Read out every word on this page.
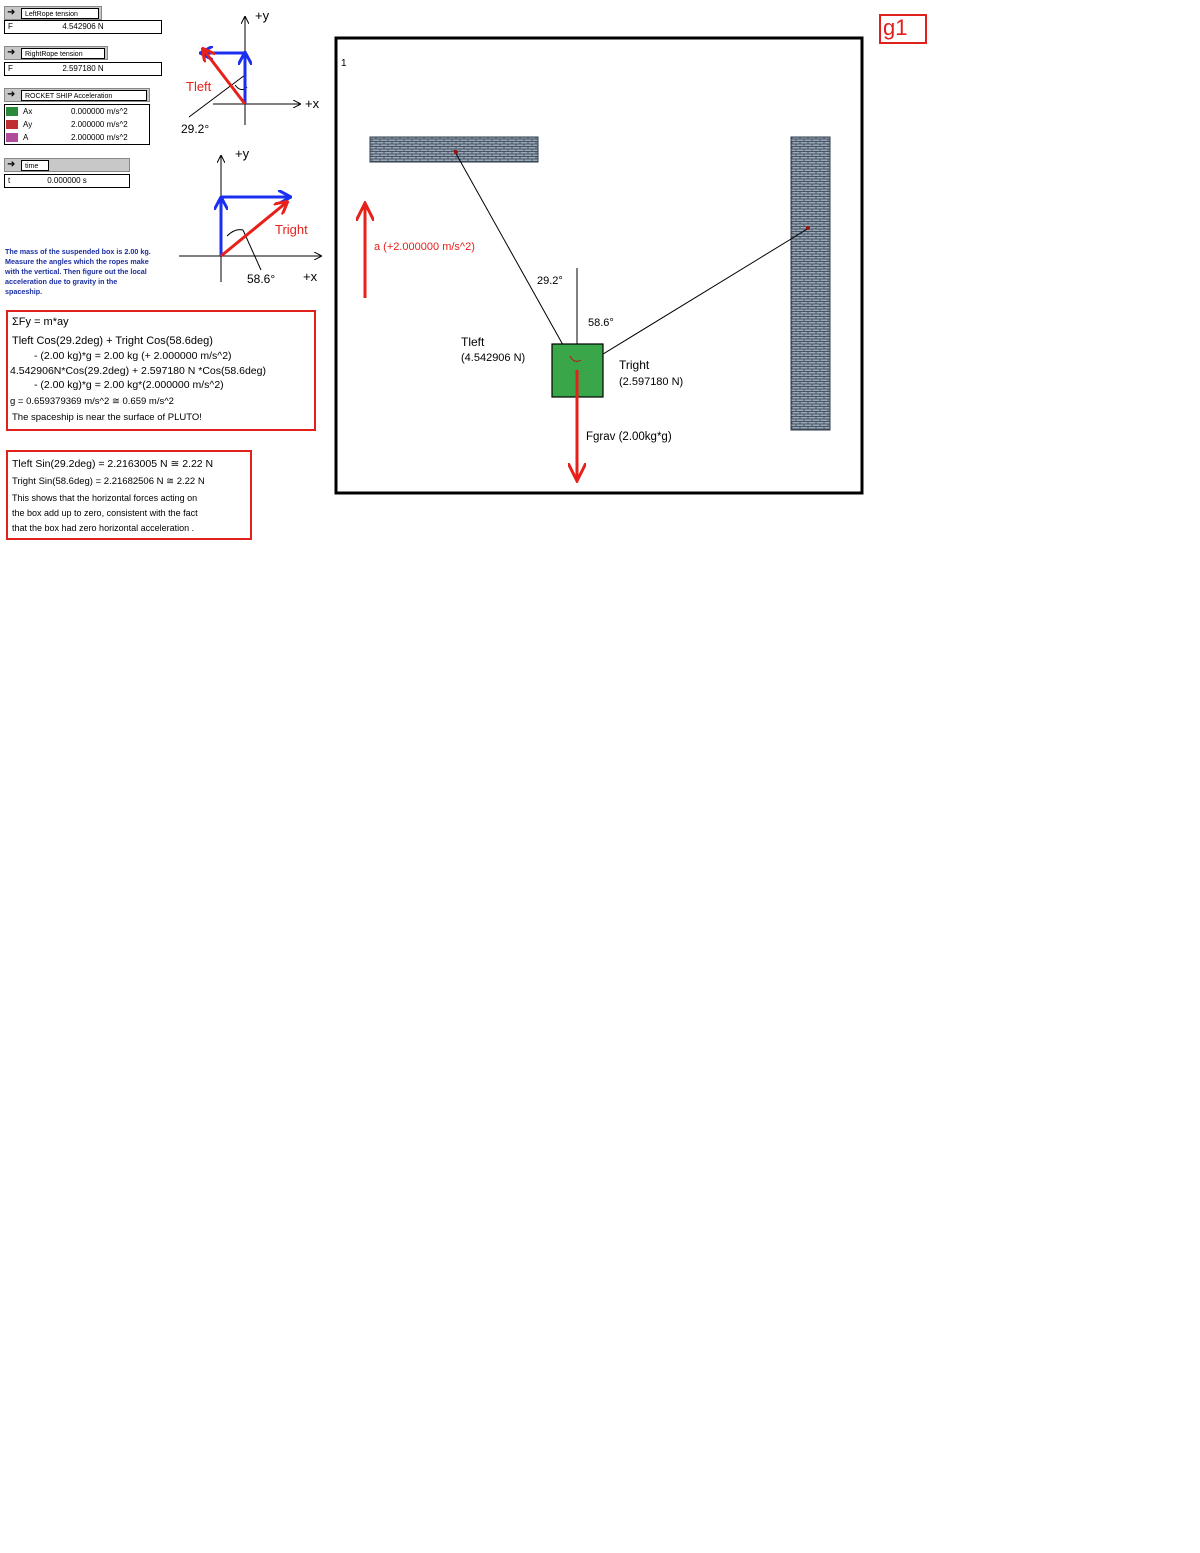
➜	LeftRope tension
F	4.542906 N
➜	RightRope tension
F	2.597180 N
➜	ROCKET SHIP Acceleration
Ax	0.000000 m/s^2
Ay	2.000000 m/s^2
A	2.000000 m/s^2
➜	time
t	0.000000 s
The mass of the suspended box is 2.00 kg. Measure the angles which the ropes make with the vertical. Then figure out the local acceleration due to gravity in the spaceship.
+y
+x
Tleft
29.2°
+y
+x
Tright
58.6°
ΣFy = m*ay
Tleft Cos(29.2deg) + Tright Cos(58.6deg)
- (2.00 kg)*g = 2.00 kg (+ 2.000000 m/s^2)
4.542906N*Cos(29.2deg) + 2.597180 N *Cos(58.6deg)
- (2.00 kg)*g = 2.00 kg*(2.000000 m/s^2)
g = 0.659379369 m/s^2 ≅ 0.659 m/s^2
The spaceship is near the surface of PLUTO!
Tleft Sin(29.2deg) = 2.2163005 N ≅ 2.22 N
Tright Sin(58.6deg) = 2.21682506 N ≅ 2.22 N
This shows that the horizontal forces acting on
the box add up to zero, consistent with the fact
that the box had zero horizontal acceleration .
1
a (+2.000000 m/s^2)
29.2°
58.6°
Tleft
(4.542906 N)	Tright
(2.597180 N)
Fgrav (2.00kg*g)
g1
